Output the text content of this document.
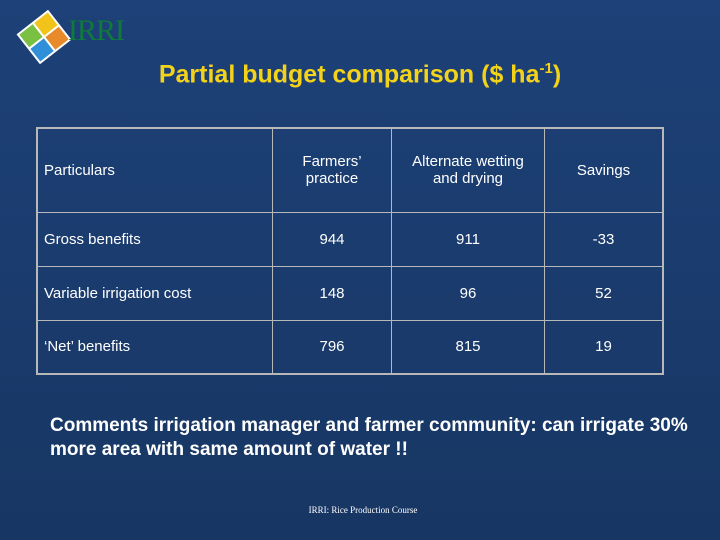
IRRI
Partial budget comparison ($ $ha^{-1}$)
Particulars	Farmers’ practice	Alternate wetting and drying	Savings
Gross benefits	944	911	-33
Variable irrigation cost	148	96	52
‘Net’ benefits	796	815	19
Comments irrigation manager and farmer community: can irrigate 30% more area with same amount of water !!
IRRI: Rice Production Course
